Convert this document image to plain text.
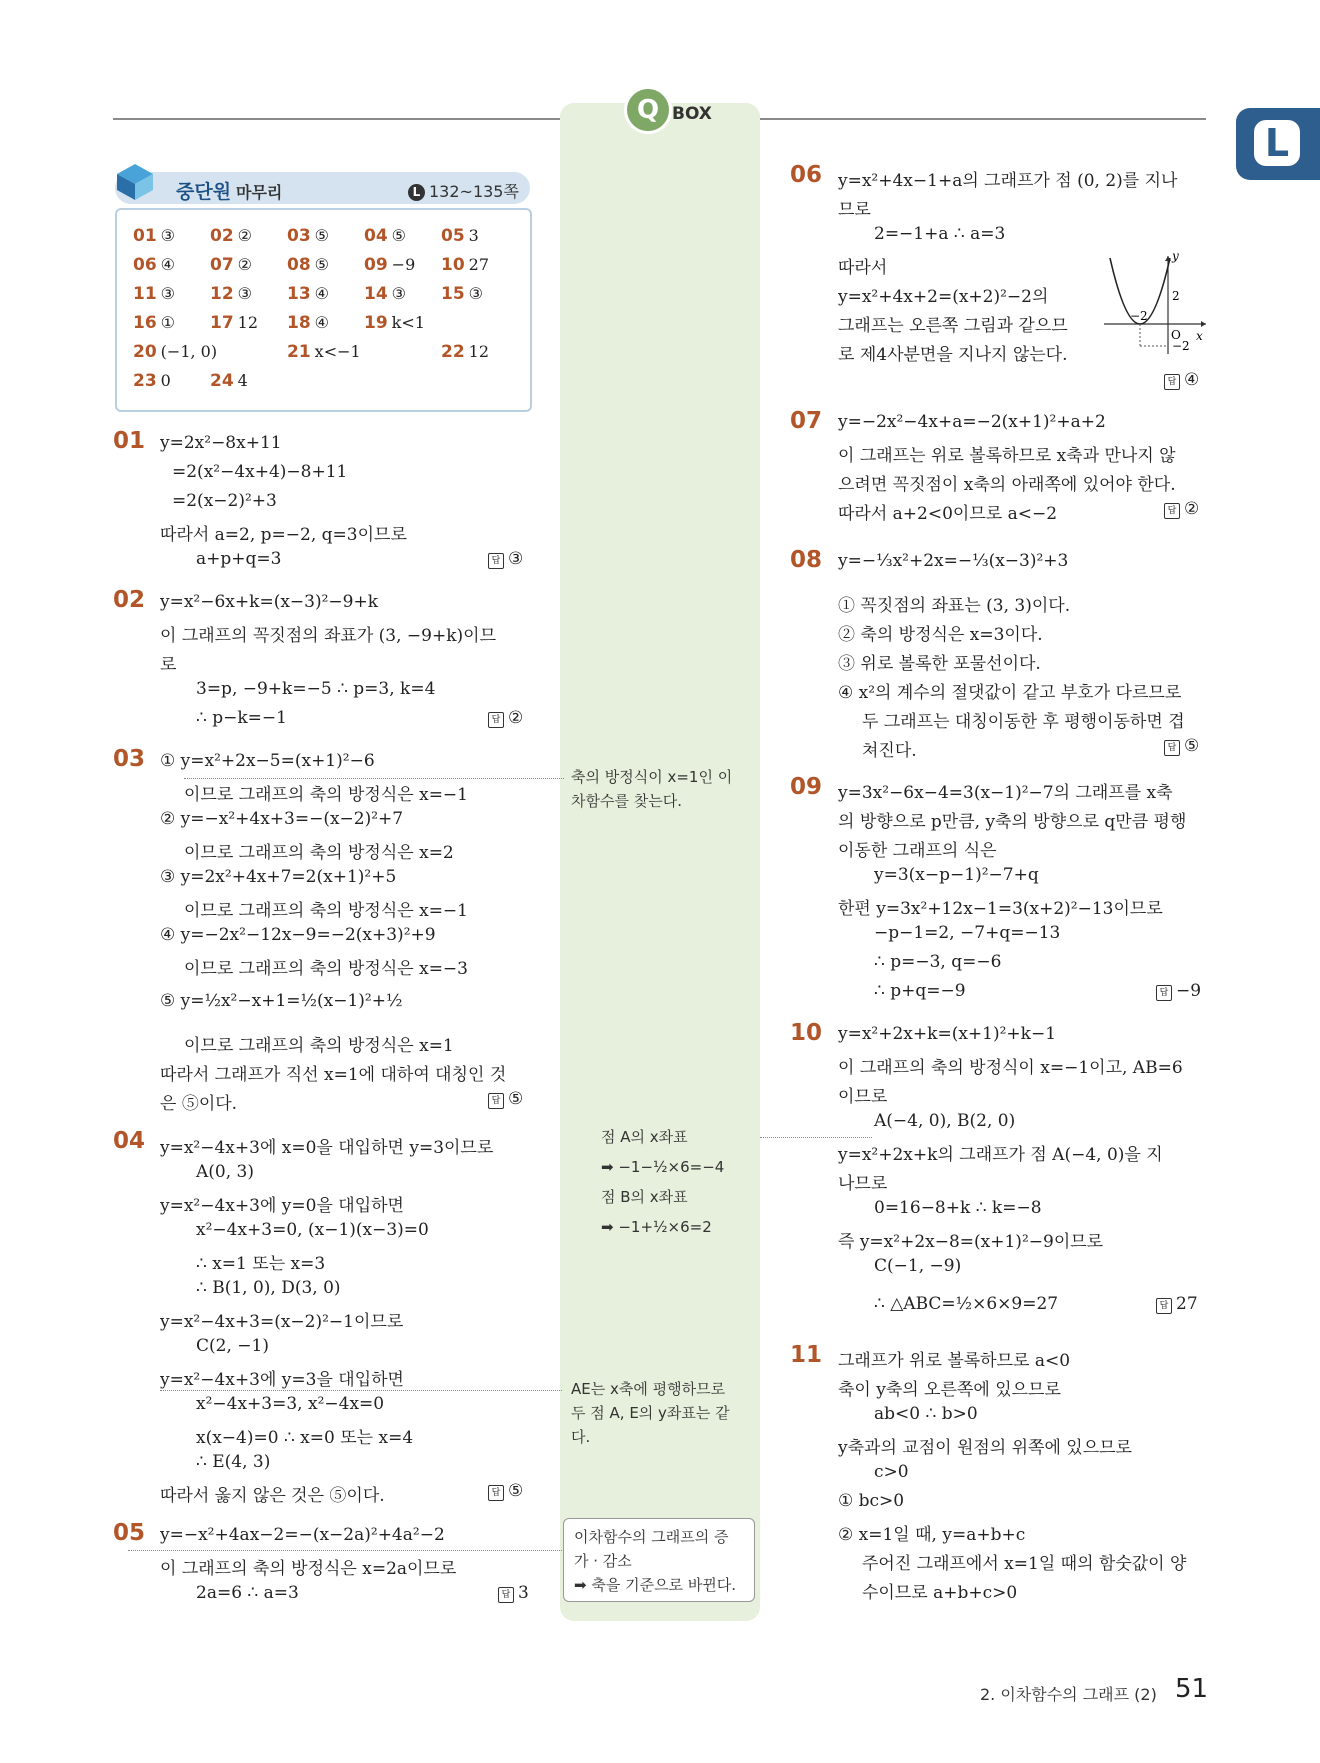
Q BOX
L
중단원 마무리	L 132~135쪽
01 ③ 02 ② 03 ⑤ 04 ⑤ 05 3
06 ④ 07 ② 08 ⑤ 09 −9 10 27
11 ③ 12 ③ 13 ④ 14 ③ 15 ③
16 ① 17 12 18 ④ 19 k<1
20 (−1, 0)	21 x<−1	22 12
23 0 24 4
01 y=2x²−8x+11
=2(x²−4x+4)−8+11
=2(x−2)²+3
따라서 a=2, p=−2, q=3이므로
a+p+q=3	답 ③
02 y=x²−6x+k=(x−3)²−9+k
이 그래프의 꼭짓점의 좌표가 (3, −9+k)이므
로
3=p, −9+k=−5 ∴ p=3, k=4
∴ p−k=−1	답 ②
03 ① y=x²+2x−5=(x+1)²−6
이므로 그래프의 축의 방정식은 x=−1
② y=−x²+4x+3=−(x−2)²+7
이므로 그래프의 축의 방정식은 x=2
③ y=2x²+4x+7=2(x+1)²+5
이므로 그래프의 축의 방정식은 x=−1
④ y=−2x²−12x−9=−2(x+3)²+9
이므로 그래프의 축의 방정식은 x=−3
⑤ y=½x²−x+1=½(x−1)²+½
이므로 그래프의 축의 방정식은 x=1
따라서 그래프가 직선 x=1에 대하여 대칭인 것
은 ⑤이다.	답 ⑤
04 y=x²−4x+3에 x=0을 대입하면 y=3이므로
A(0, 3)
y=x²−4x+3에 y=0을 대입하면
x²−4x+3=0, (x−1)(x−3)=0
∴ x=1 또는 x=3
∴ B(1, 0), D(3, 0)
y=x²−4x+3=(x−2)²−1이므로
C(2, −1)
y=x²−4x+3에 y=3을 대입하면
x²−4x+3=3, x²−4x=0
x(x−4)=0 ∴ x=0 또는 x=4
∴ E(4, 3)
따라서 옳지 않은 것은 ⑤이다.	답 ⑤
05 y=−x²+4ax−2=−(x−2a)²+4a²−2
이 그래프의 축의 방정식은 x=2a이므로
2a=6 ∴ a=3	답 3
축의 방정식이 x=1인 이
차함수를 찾는다.
점 A의 x좌표
➡ −1−½×6=−4
점 B의 x좌표
➡ −1+½×6=2
AE는 x축에 평행하므로
두 점 A, E의 y좌표는 같
다.
이차함수의 그래프의 증
가 · 감소
➡ 축을 기준으로 바뀐다.
06 y=x²+4x−1+a의 그래프가 점 (0, 2)를 지나
므로
2=−1+a ∴ a=3
따라서
y=x²+4x+2=(x+2)²−2의
그래프는 오른쪽 그림과 같으므
로 제4사분면을 지나지 않는다.
답 ④
y
x
O
2
−2
−2
07 y=−2x²−4x+a=−2(x+1)²+a+2
이 그래프는 위로 볼록하므로 x축과 만나지 않
으려면 꼭짓점이 x축의 아래쪽에 있어야 한다.
따라서 a+2<0이므로 a<−2	답 ②
08 y=−⅓x²+2x=−⅓(x−3)²+3
① 꼭짓점의 좌표는 (3, 3)이다.
② 축의 방정식은 x=3이다.
③ 위로 볼록한 포물선이다.
④ x²의 계수의 절댓값이 같고 부호가 다르므로
두 그래프는 대칭이동한 후 평행이동하면 겹
쳐진다.	답 ⑤
09 y=3x²−6x−4=3(x−1)²−7의 그래프를 x축
의 방향으로 p만큼, y축의 방향으로 q만큼 평행
이동한 그래프의 식은
y=3(x−p−1)²−7+q
한편 y=3x²+12x−1=3(x+2)²−13이므로
−p−1=2, −7+q=−13
∴ p=−3, q=−6
∴ p+q=−9	답 −9
10 y=x²+2x+k=(x+1)²+k−1
이 그래프의 축의 방정식이 x=−1이고, AB=6
이므로
A(−4, 0), B(2, 0)
y=x²+2x+k의 그래프가 점 A(−4, 0)을 지
나므로
0=16−8+k ∴ k=−8
즉 y=x²+2x−8=(x+1)²−9이므로
C(−1, −9)
∴ △ABC=½×6×9=27	답 27
11 그래프가 위로 볼록하므로 a<0
축이 y축의 오른쪽에 있으므로
ab<0 ∴ b>0
y축과의 교점이 원점의 위쪽에 있으므로
c>0
① bc>0
② x=1일 때, y=a+b+c
주어진 그래프에서 x=1일 때의 함숫값이 양
수이므로 a+b+c>0
2. 이차함수의 그래프 (2) 51
